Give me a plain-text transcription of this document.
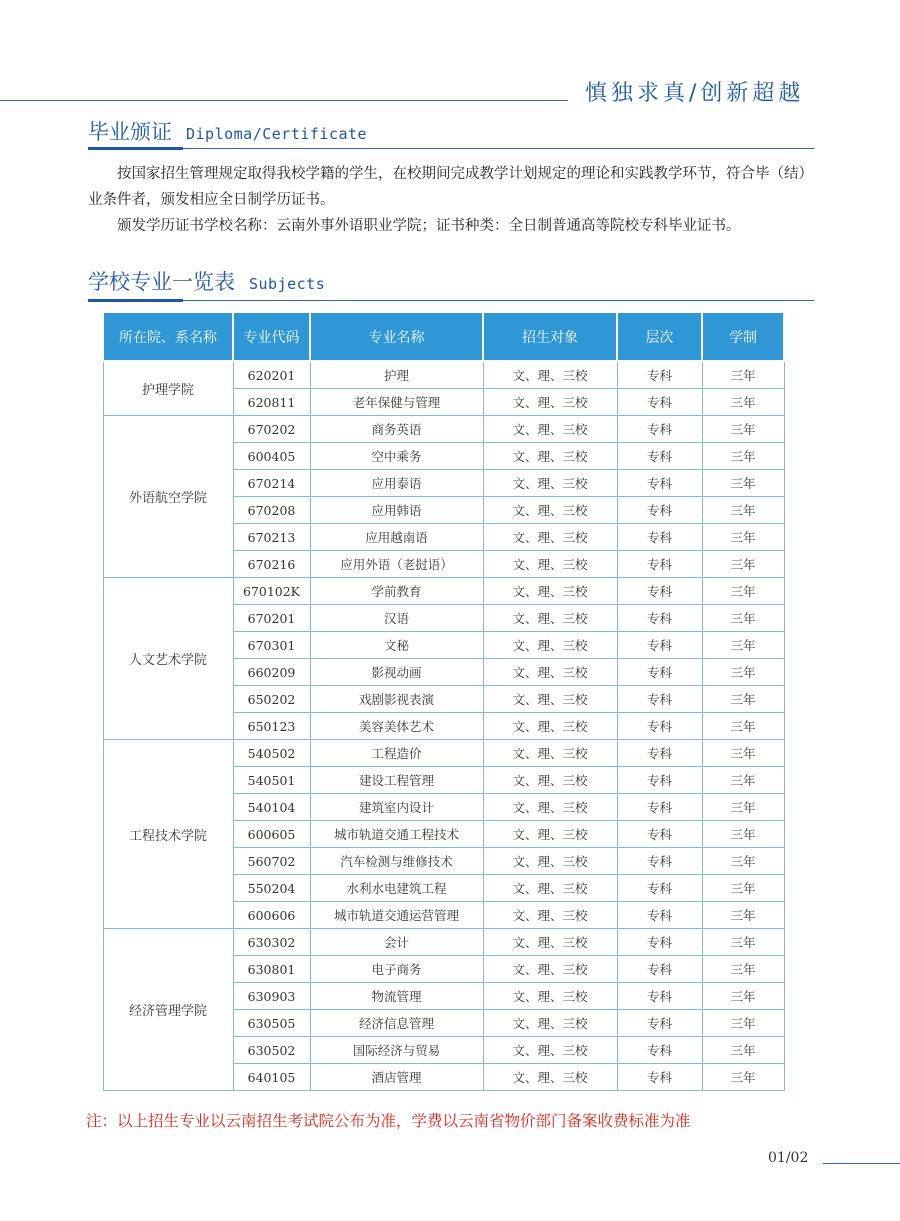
慎独求真/创新超越
毕业颁证 Diploma/Certificate

按国家招生管理规定取得我校学籍的学生，在校期间完成教学计划规定的理论和实践教学环节，符合毕（结）业条件者，颁发相应全日制学历证书。

颁发学历证书学校名称：云南外事外语职业学院；证书种类：全日制普通高等院校专科毕业证书。

学校专业一览表 Subjects
所在院、系名称	专业代码	专业名称	招生对象	层次	学制
护理学院	620201	护理	文、理、三校	专科	三年
	620811	老年保健与管理	文、理、三校	专科	三年
外语航空学院	670202	商务英语	文、理、三校	专科	三年
	600405	空中乘务	文、理、三校	专科	三年
	670214	应用泰语	文、理、三校	专科	三年
	670208	应用韩语	文、理、三校	专科	三年
	670213	应用越南语	文、理、三校	专科	三年
	670216	应用外语（老挝语）	文、理、三校	专科	三年
人文艺术学院	670102K	学前教育	文、理、三校	专科	三年
	670201	汉语	文、理、三校	专科	三年
	670301	文秘	文、理、三校	专科	三年
	660209	影视动画	文、理、三校	专科	三年
	650202	戏剧影视表演	文、理、三校	专科	三年
	650123	美容美体艺术	文、理、三校	专科	三年
工程技术学院	540502	工程造价	文、理、三校	专科	三年
	540501	建设工程管理	文、理、三校	专科	三年
	540104	建筑室内设计	文、理、三校	专科	三年
	600605	城市轨道交通工程技术	文、理、三校	专科	三年
	560702	汽车检测与维修技术	文、理、三校	专科	三年
	550204	水利水电建筑工程	文、理、三校	专科	三年
	600606	城市轨道交通运营管理	文、理、三校	专科	三年
经济管理学院	630302	会计	文、理、三校	专科	三年
	630801	电子商务	文、理、三校	专科	三年
	630903	物流管理	文、理、三校	专科	三年
	630505	经济信息管理	文、理、三校	专科	三年
	630502	国际经济与贸易	文、理、三校	专科	三年
	640105	酒店管理	文、理、三校	专科	三年
注：以上招生专业以云南招生考试院公布为准，学费以云南省物价部门备案收费标准为准
01/02
